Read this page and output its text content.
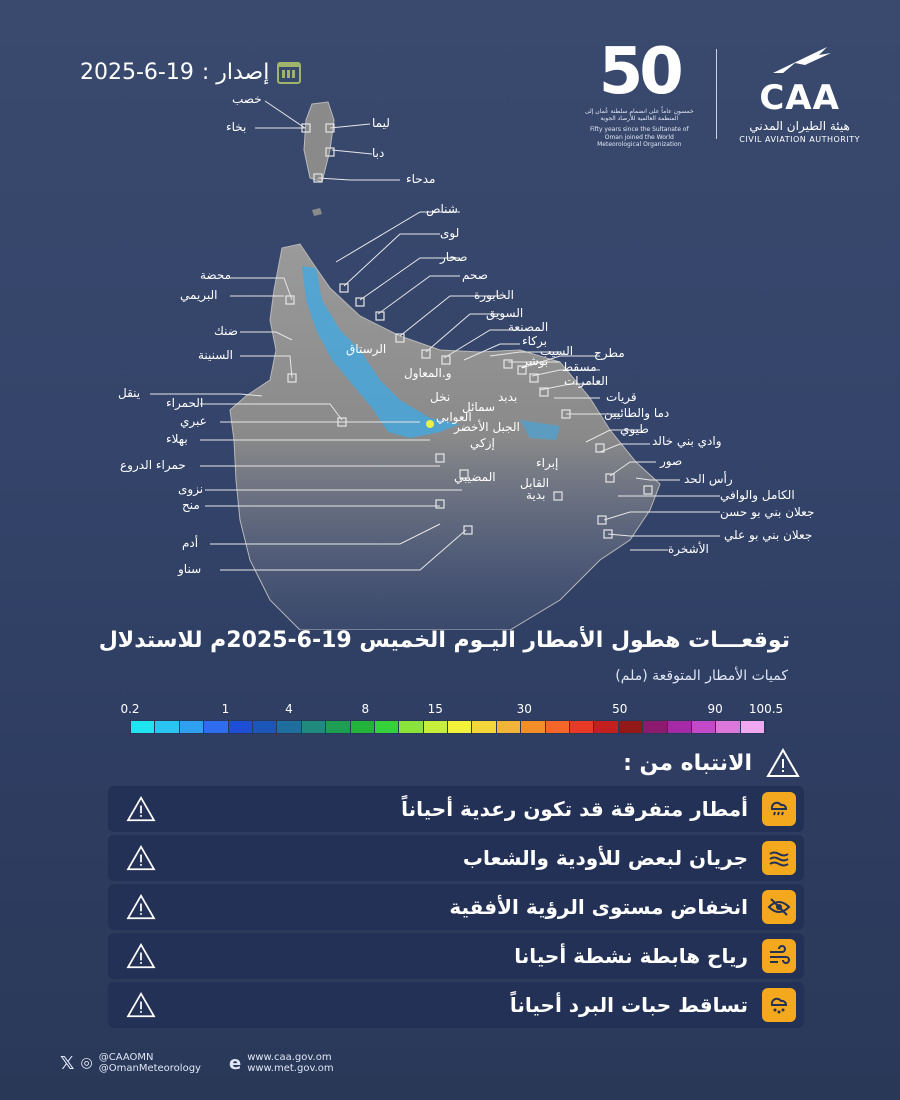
2025-6-19 إصدار :	50
خمسون عاماً على انضمام سلطنة عُمان إلى المنظمة العالمية للأرصاد الجوية
Fifty years since the Sultanate of Oman joined the World Meteorological Organization
CAA
هيئة الطيران المدني
CIVIL AVIATION AUTHORITY
خصب
بخاء	ليما
دبا
مدحاء
شناص
لوى
صحار
صحم
الخابورة
السويق
المصنعة
بركاء
السيب
بوشر
مطرح
مسقط
العامرات
قريات
دما والطائيين
طيوي
وادي بني خالد
صور
رأس الحد
الكامل والوافي
جعلان بني بو حسن
جعلان بني بو علي
الأشخرة
محضة
البريمي
ضنك
السنينة
ينقل
الحمراء
عبري
بهلاء
حمراء الدروع
نزوى
منح
أدم
سناو
الرستاق
و.المعاول
نخل
سمائل
العوابي
الجبل الأخضر
إزكي
بدبد
إبراء
المضيبي القابل
بدية
توقعـــات هطول الأمطار اليـوم الخميس 19-6-2025م للاستدلال
كميات الأمطار المتوقعة (ملم)
0.2	1	4	8	15	30	50	90 100.5
الانتباه من :
أمطار متفرقة قد تكون رعدية أحياناً
جريان لبعض للأودية والشعاب
انخفاض مستوى الرؤية الأفقية
رياح هابطة نشطة أحيانا
تساقط حبات البرد أحياناً
𝕏 ◎ @CAAOMN
@OmanMeteorology e www.caa.gov.om
www.met.gov.om
